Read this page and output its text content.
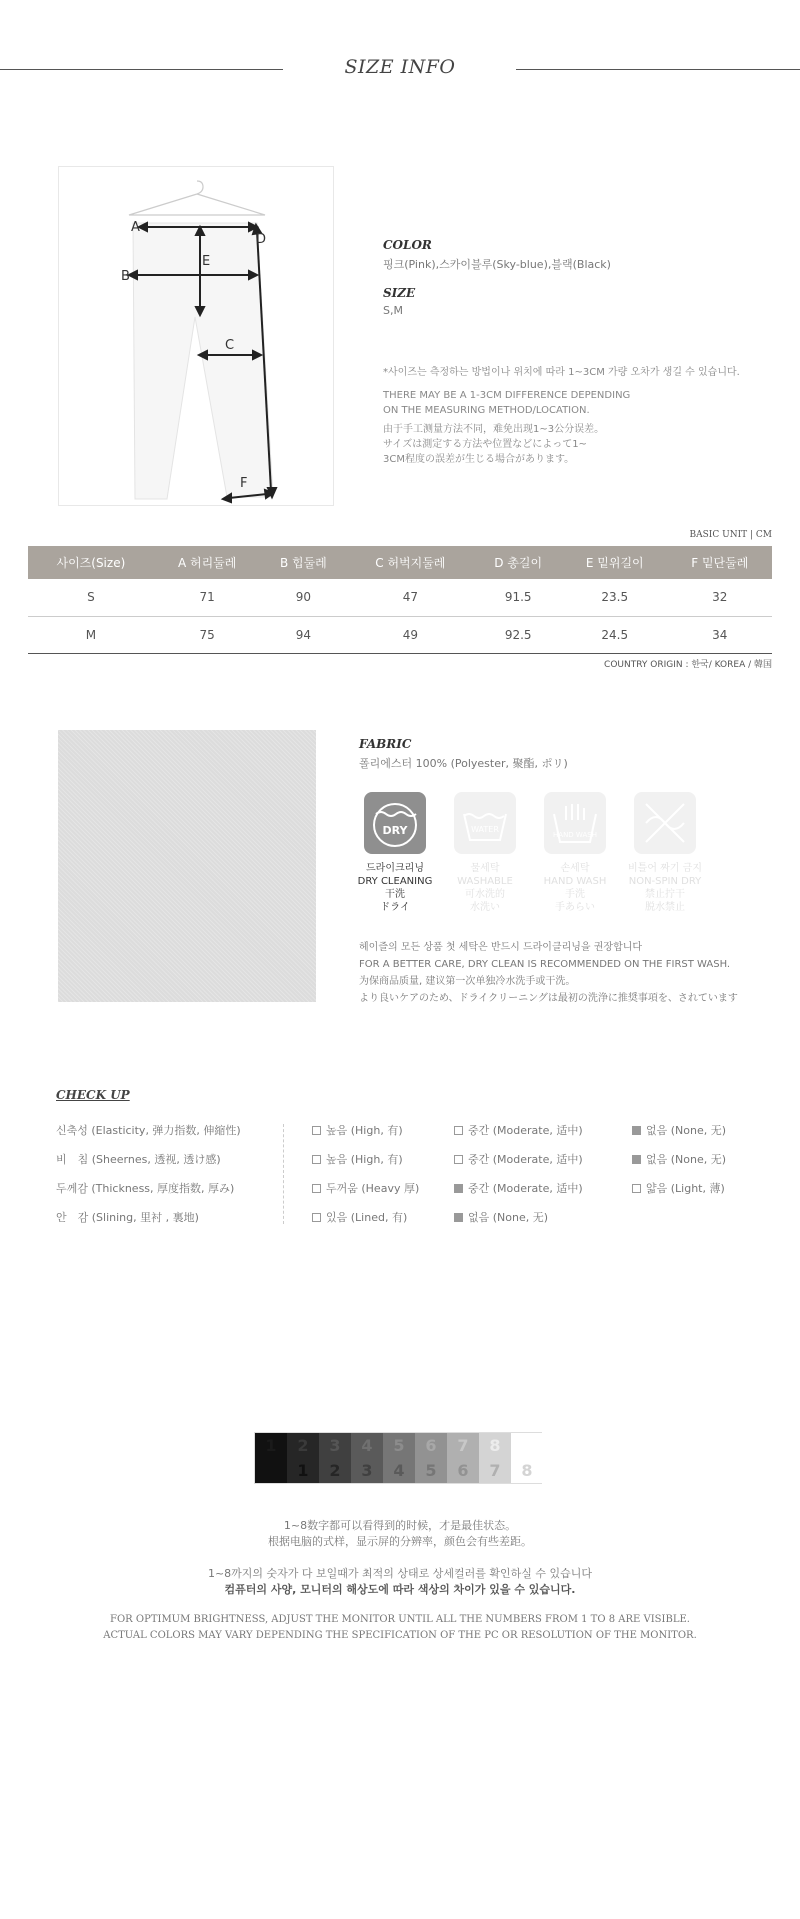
SIZE INFO
A
B
C
D
E
F
COLOR
핑크(Pink),스카이블루(Sky-blue),블랙(Black)
SIZE
S,M
*사이즈는 측정하는 방법이나 위치에 따라 1~3CM 가량 오차가 생길 수 있습니다.
THERE MAY BE A 1-3CM DIFFERENCE DEPENDING
ON THE MEASURING METHOD/LOCATION.
由于手工测量方法不同，难免出现1~3公分误差。
サイズは測定する方法や位置などによって1~
3CM程度の誤差が生じる場合があります。
BASIC UNIT | CM
사이즈(Size)	A 허리둘레	B 힙둘레	C 허벅지둘레	D 총길이	E 밑위길이	F 밑단둘레
S	71	90	47	91.5	23.5	32
M	75	94	49	92.5	24.5	34
COUNTRY ORIGIN : 한국/ KOREA / 韓国
FABRIC
폴리에스터 100% (Polyester, 聚酯, ポリ)
DRY
드라이크리닝
DRY CLEANING
干洗
ドライ
WATER
물세탁
WASHABLE
可水洗的
水洗い
HAND WASH
손세탁
HAND WASH
手洗
手あらい
비틀어 짜기 금지
NON-SPIN DRY
禁止拧干
脱水禁止
헤이즐의 모든 상품 첫 세탁은 반드시 드라이클리닝을 권장합니다
FOR A BETTER CARE, DRY CLEAN IS RECOMMENDED ON THE FIRST WASH.
为保商品质量, 建议第一次单独冷水洗手或干洗。
より良いケアのため、ドライクリーニングは最初の洗浄に推奨事項を、されています
CHECK UP
신축성 (Elasticity, 弹力指数, 伸縮性)	높음 (High, 有)	중간 (Moderate, 适中)	없음 (None, 无)
비　침 (Sheernes, 透视, 透け感)	높음 (High, 有)	중간 (Moderate, 适中)	없음 (None, 无)
두께감 (Thickness, 厚度指数, 厚み)	두꺼움 (Heavy 厚)	중간 (Moderate, 适中)	얇음 (Light, 薄)
안　감 (Slining, 里衬 , 裏地)	있음 (Lined, 有)	없음 (None, 无)
1	2	3	4	5	6	7	8
1	2	3	4	5	6	7	8
1~8数字都可以看得到的时候，才是最佳状态。
根据电脑的式样，显示屏的分辨率，颜色会有些差距。
1~8까지의 숫자가 다 보일때가 최적의 상태로 상세컬러를 확인하실 수 있습니다
컴퓨터의 사양, 모니터의 해상도에 따라 색상의 차이가 있을 수 있습니다.
FOR OPTIMUM BRIGHTNESS, ADJUST THE MONITOR UNTIL ALL THE NUMBERS FROM 1 TO 8 ARE VISIBLE.
ACTUAL COLORS MAY VARY DEPENDING THE SPECIFICATION OF THE PC OR RESOLUTION OF THE MONITOR.
